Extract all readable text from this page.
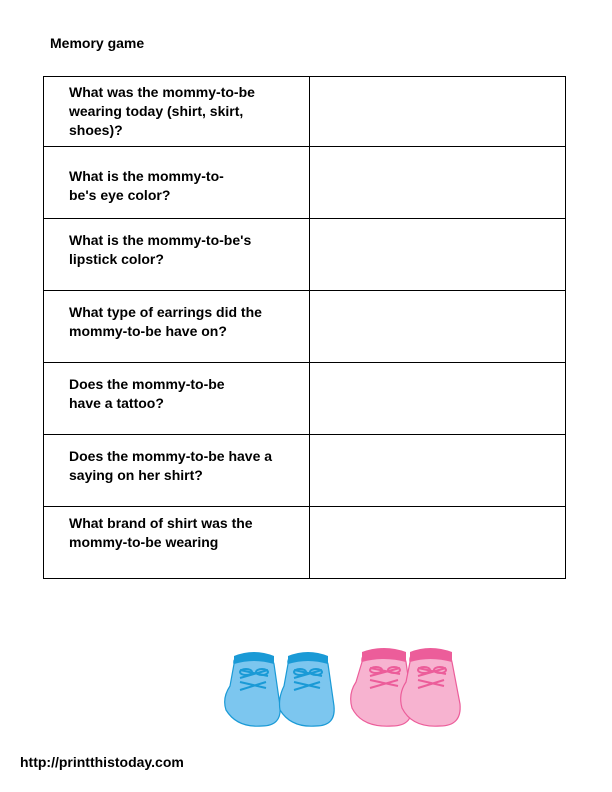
Memory game
What was the mommy-to-be wearing today (shirt, skirt, shoes)?	

What is the mommy-to-be's eye color?	

What is the mommy-to-be's lipstick color?	

What type of earrings did the mommy-to-be have on?	

Does the mommy-to-be have a tattoo?	

Does the mommy-to-be have a saying on her shirt?	

What brand of shirt was the mommy-to-be wearing	

http://printthistoday.com
